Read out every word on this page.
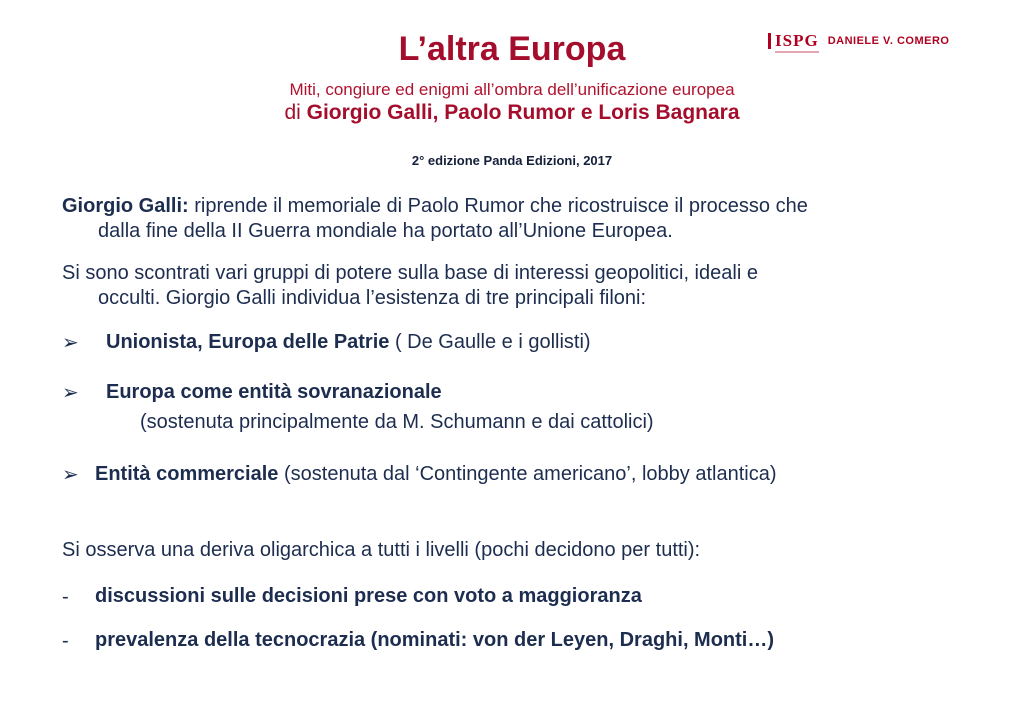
ISPG DANIELE V. COMERO
L’altra Europa
Miti, congiure ed enigmi all’ombra dell’unificazione europea
di Giorgio Galli, Paolo Rumor e Loris Bagnara
2° edizione Panda Edizioni, 2017
Giorgio Galli: riprende il memoriale di Paolo Rumor che ricostruisce il processo che
dalla fine della II Guerra mondiale ha portato all’Unione Europea.
Si sono scontrati vari gruppi di potere sulla base di interessi geopolitici, ideali e
occulti. Giorgio Galli individua l’esistenza di tre principali filoni:
➢ Unionista, Europa delle Patrie ( De Gaulle e i gollisti)
➢ Europa come entità sovranazionale
(sostenuta principalmente da M. Schumann e dai cattolici)
➢ Entità commerciale (sostenuta dal ‘Contingente americano’, lobby atlantica)
Si osserva una deriva oligarchica a tutti i livelli (pochi decidono per tutti):
- discussioni sulle decisioni prese con voto a maggioranza
- prevalenza della tecnocrazia (nominati: von der Leyen, Draghi, Monti…)
